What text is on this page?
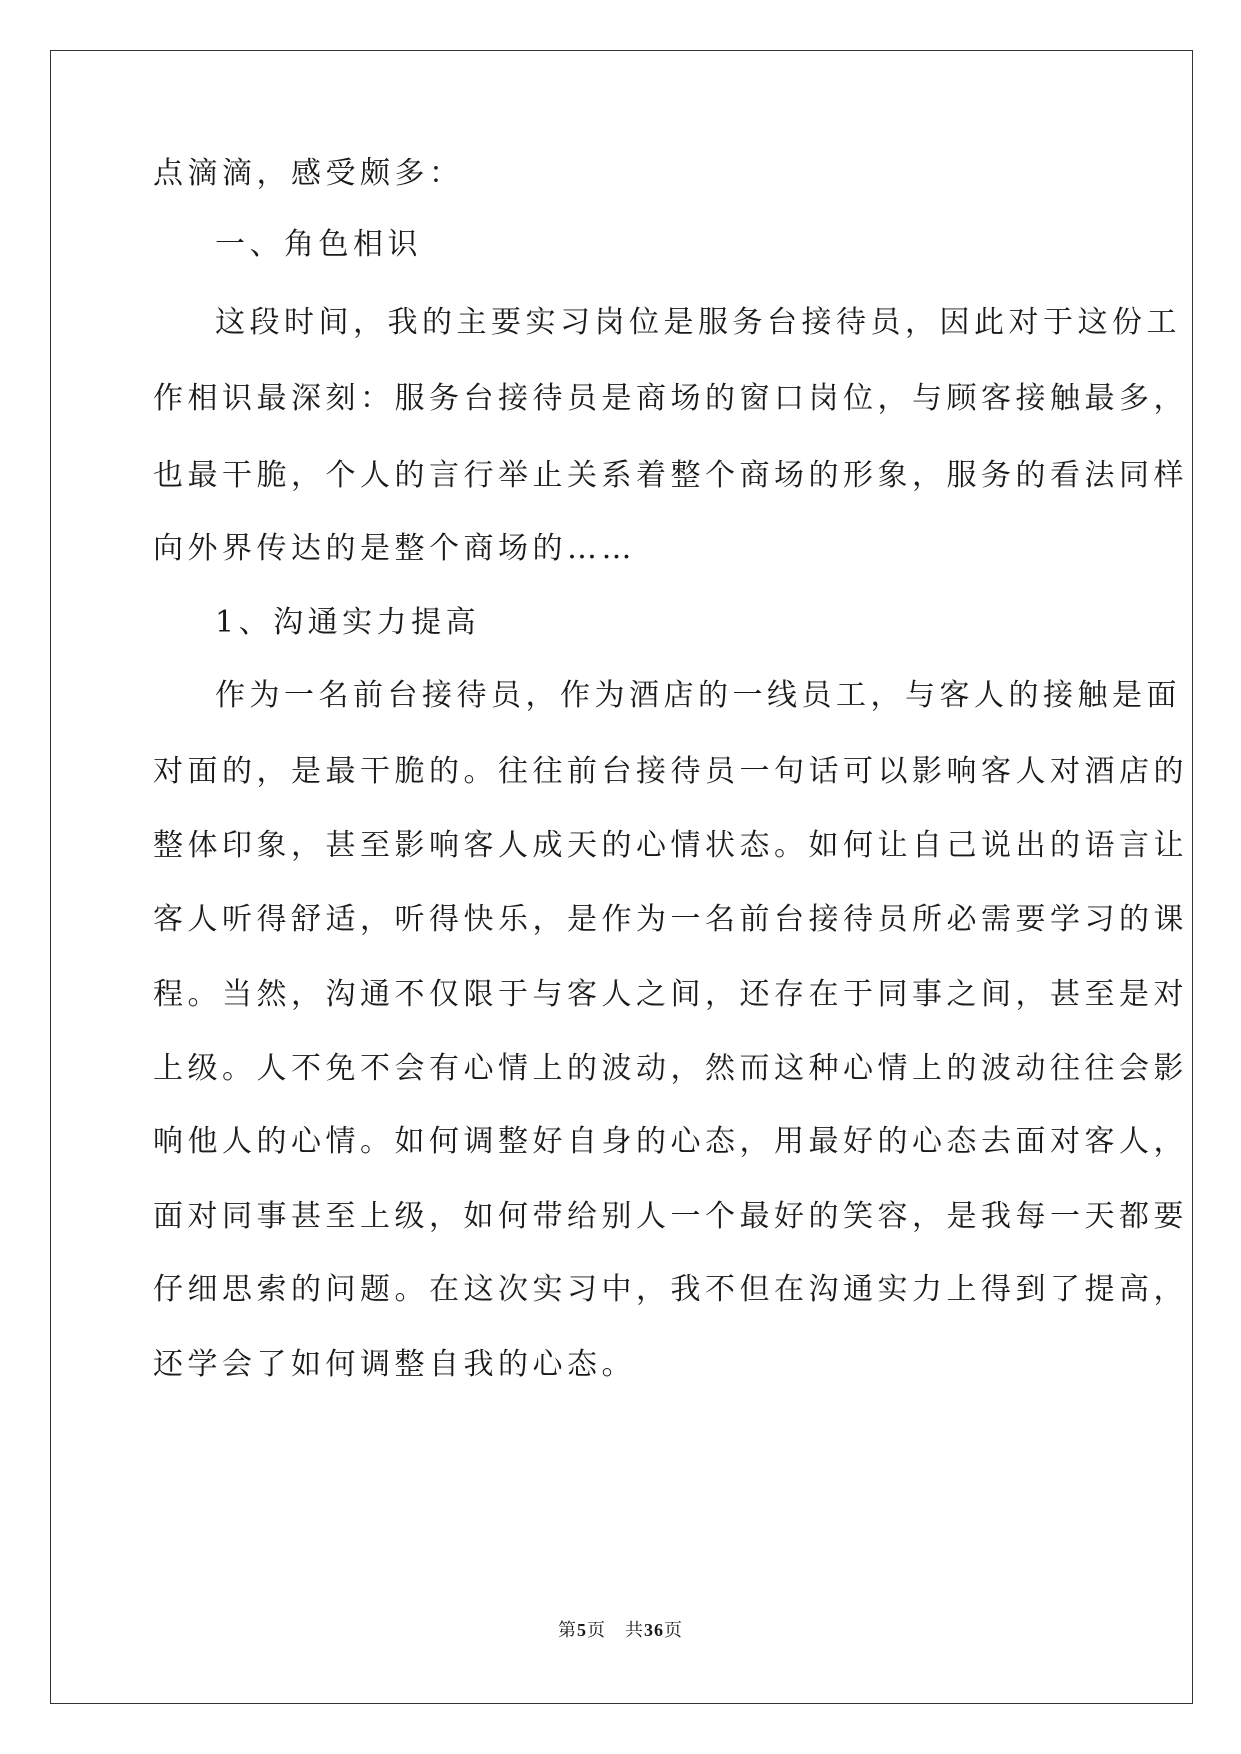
点滴滴，感受颇多：
一、角色相识
这段时间，我的主要实习岗位是服务台接待员，因此对于这份工
作相识最深刻：服务台接待员是商场的窗口岗位，与顾客接触最多，
也最干脆，个人的言行举止关系着整个商场的形象，服务的看法同样
向外界传达的是整个商场的……
1、沟通实力提高
作为一名前台接待员，作为酒店的一线员工，与客人的接触是面
对面的，是最干脆的。往往前台接待员一句话可以影响客人对酒店的
整体印象，甚至影响客人成天的心情状态。如何让自己说出的语言让
客人听得舒适，听得快乐，是作为一名前台接待员所必需要学习的课
程。当然，沟通不仅限于与客人之间，还存在于同事之间，甚至是对
上级。人不免不会有心情上的波动，然而这种心情上的波动往往会影
响他人的心情。如何调整好自身的心态，用最好的心态去面对客人，
面对同事甚至上级，如何带给别人一个最好的笑容，是我每一天都要
仔细思索的问题。在这次实习中，我不但在沟通实力上得到了提高，
还学会了如何调整自我的心态。
第5页　共36页
